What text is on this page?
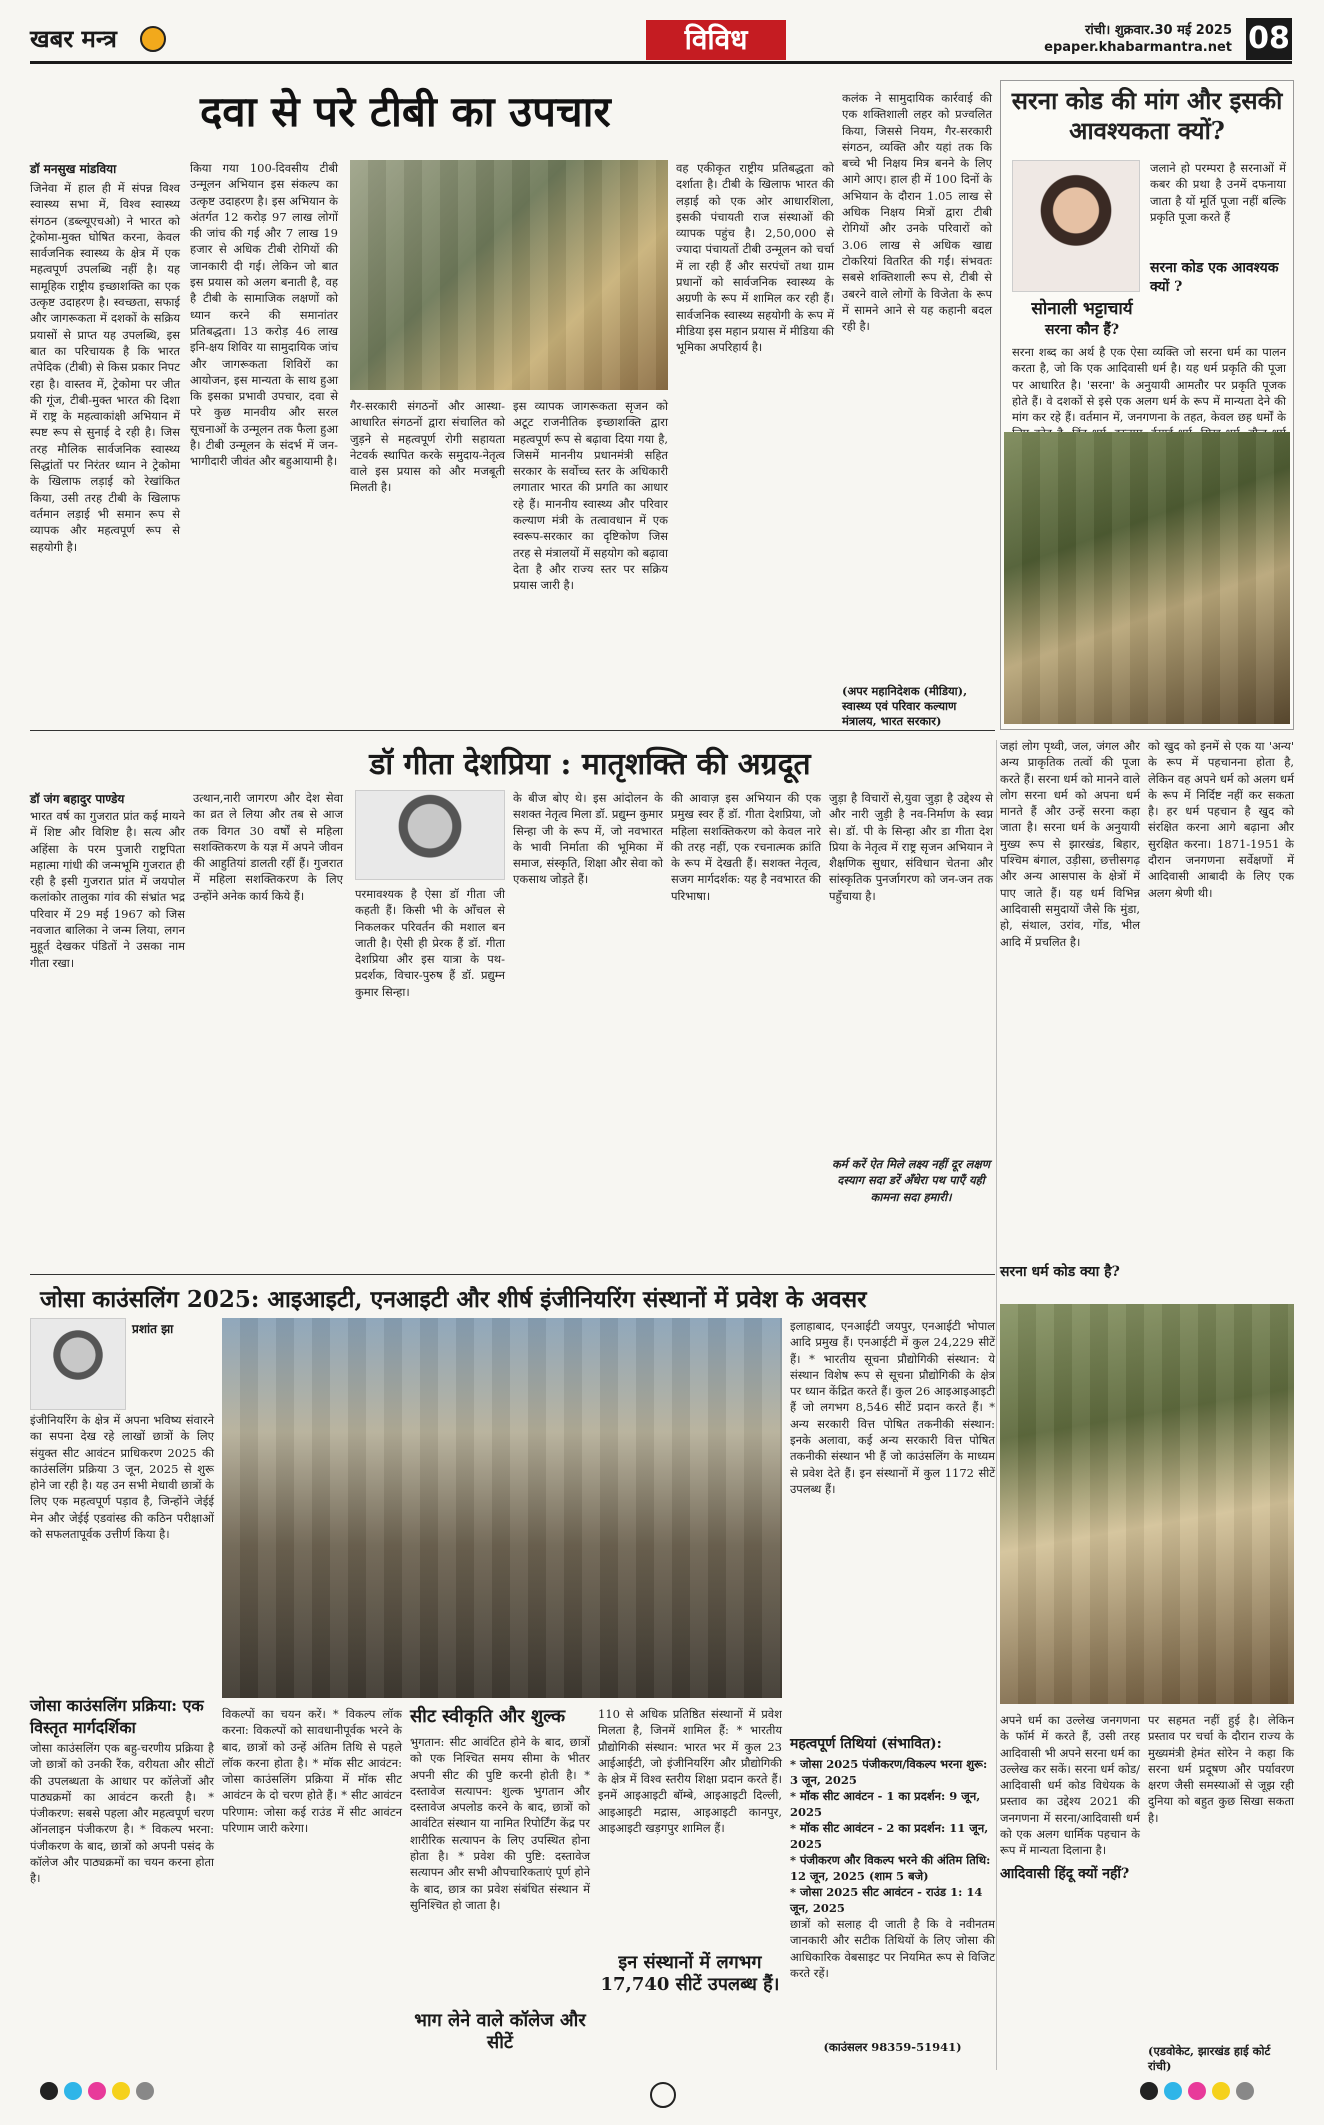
खबर मन्त्र	विविध	रांची। शुक्रवार.30 मई 2025
epaper.khabarmantra.net 08
दवा से परे टीबी का उपचार
डॉ मनसुख मांडविया
जिनेवा में हाल ही में संपन्न विश्व स्वास्थ्य सभा में, विश्व स्वास्थ्य संगठन (डब्ल्यूएचओ) ने भारत को ट्रेकोमा-मुक्त घोषित करना, केवल सार्वजनिक स्वास्थ्य के क्षेत्र में एक महत्वपूर्ण उपलब्धि नहीं है। यह सामूहिक राष्ट्रीय इच्छाशक्ति का एक उत्कृष्ट उदाहरण है। स्वच्छता, सफाई और जागरूकता में दशकों के सक्रिय प्रयासों से प्राप्त यह उपलब्धि, इस बात का परिचायक है कि भारत तपेदिक (टीबी) से किस प्रकार निपट रहा है। वास्तव में, ट्रेकोमा पर जीत की गूंज, टीबी-मुक्त भारत की दिशा में राष्ट्र के महत्वाकांक्षी अभियान में स्पष्ट रूप से सुनाई दे रही है। जिस तरह मौलिक सार्वजनिक स्वास्थ्य सिद्धांतों पर निरंतर ध्यान ने ट्रेकोमा के खिलाफ लड़ाई को रेखांकित किया, उसी तरह टीबी के खिलाफ वर्तमान लड़ाई भी समान रूप से व्यापक और महत्वपूर्ण रूप से सहयोगी है।
किया गया 100-दिवसीय टीबी उन्मूलन अभियान इस संकल्प का उत्कृष्ट उदाहरण है। इस अभियान के अंतर्गत 12 करोड़ 97 लाख लोगों की जांच की गई और 7 लाख 19 हजार से अधिक टीबी रोगियों की जानकारी दी गई। लेकिन जो बात इस प्रयास को अलग बनाती है, वह है टीबी के सामाजिक लक्षणों को ध्यान करने की समानांतर प्रतिबद्धता। 13 करोड़ 46 लाख इनि-क्षय शिविर या सामुदायिक जांच और जागरूकता शिविरों का आयोजन, इस मान्यता के साथ हुआ कि इसका प्रभावी उपचार, दवा से परे कुछ मानवीय और सरल सूचनाओं के उन्मूलन तक फैला हुआ है। टीबी उन्मूलन के संदर्भ में जन-भागीदारी जीवंत और बहुआयामी है।
गैर-सरकारी संगठनों और आस्था-आधारित संगठनों द्वारा संचालित को जुड़ने से महत्वपूर्ण रोगी सहायता नेटवर्क स्थापित करके समुदाय-नेतृत्व वाले इस प्रयास को और मजबूती मिलती है।
इस व्यापक जागरूकता सृजन को अटूट राजनीतिक इच्छाशक्ति द्वारा महत्वपूर्ण रूप से बढ़ावा दिया गया है, जिसमें माननीय प्रधानमंत्री सहित सरकार के सर्वोच्च स्तर के अधिकारी लगातार भारत की प्रगति का आधार रहे हैं। माननीय स्वास्थ्य और परिवार कल्याण मंत्री के तत्वावधान में एक स्वरूप-सरकार का दृष्टिकोण जिस तरह से मंत्रालयों में सहयोग को बढ़ावा देता है और राज्य स्तर पर सक्रिय प्रयास जारी है।
वह एकीकृत राष्ट्रीय प्रतिबद्धता को दर्शाता है। टीबी के खिलाफ भारत की लड़ाई को एक ओर आधारशिला, इसकी पंचायती राज संस्थाओं की व्यापक पहुंच है। 2,50,000 से ज्यादा पंचायतों टीबी उन्मूलन को चर्चा में ला रही हैं और सरपंचों तथा ग्राम प्रधानों को सार्वजनिक स्वास्थ्य के अग्रणी के रूप में शामिल कर रही हैं। सार्वजनिक स्वास्थ्य सहयोगी के रूप में मीडिया इस महान प्रयास में मीडिया की भूमिका अपरिहार्य है।
कलंक ने सामुदायिक कार्रवाई की एक शक्तिशाली लहर को प्रज्वलित किया, जिससे नियम, गैर-सरकारी संगठन, व्यक्ति और यहां तक कि बच्चे भी निक्षय मित्र बनने के लिए आगे आए। हाल ही में 100 दिनों के अभियान के दौरान 1.05 लाख से अधिक निक्षय मित्रों द्वारा टीबी रोगियों और उनके परिवारों को 3.06 लाख से अधिक खाद्य टोकरियां वितरित की गईं। संभवतः सबसे शक्तिशाली रूप से, टीबी से उबरने वाले लोगों के विजेता के रूप में सामने आने से यह कहानी बदल रही है।
(अपर महानिदेशक (मीडिया), स्वास्थ्य एवं परिवार कल्याण मंत्रालय, भारत सरकार)
सरना कोड की मांग और इसकी आवश्यकता क्यों?
सोनाली भट्टाचार्य
सरना कौन हैं?
जलाने हो परम्परा है सरनाओं में कबर की प्रथा है उनमें दफनाया जाता है यों मूर्ति पूजा नहीं बल्कि प्रकृति पूजा करते हैं
सरना कोड एक आवश्यक क्यों ?
सरना शब्द का अर्थ है एक ऐसा व्यक्ति जो सरना धर्म का पालन करता है, जो कि एक आदिवासी धर्म है। यह धर्म प्रकृति की पूजा पर आधारित है। 'सरना' के अनुयायी आमतौर पर प्रकृति पूजक होते हैं। वे दशकों से इसे एक अलग धर्म के रूप में मान्यता देने की मांग कर रहे हैं। वर्तमान में, जनगणना के तहत, केवल छह धर्मों के
जहां लोग पृथ्वी, जल, जंगल और अन्य प्राकृतिक तत्वों की पूजा करते हैं। सरना धर्म को मानने वाले लोग सरना धर्म को अपना धर्म मानते हैं और उन्हें सरना कहा जाता है। सरना धर्म के अनुयायी मुख्य रूप से झारखंड, बिहार, पश्चिम बंगाल, उड़ीसा, छत्तीसगढ़ और अन्य आसपास के क्षेत्रों में पाए जाते हैं। यह धर्म विभिन्न आदिवासी समुदायों जैसे कि मुंडा, हो, संथाल, उरांव, गोंड, भील आदि में प्रचलित है।
सरना धर्म कोड क्या है?
को खुद को इनमें से एक या 'अन्य' के रूप में पहचानना होता है, लेकिन वह अपने धर्म को अलग धर्म के रूप में निर्दिष्ट नहीं कर सकता है। हर धर्म पहचान है खुद को संरक्षित करना आगे बढ़ाना और सुरक्षित करना। 1871-1951 के दौरान जनगणना सर्वेक्षणों में आदिवासी आबादी के लिए एक अलग श्रेणी थी।
अपने धर्म का उल्लेख जनगणना के फॉर्म में करते हैं, उसी तरह आदिवासी भी अपने सरना धर्म का उल्लेख कर सकें। सरना धर्म कोड/आदिवासी धर्म कोड विधेयक के प्रस्ताव का उद्देश्य 2021 की जनगणना में सरना/आदिवासी धर्म को एक अलग धार्मिक पहचान के रूप में मान्यता दिलाना है।
आदिवासी हिंदू क्यों नहीं?
पर सहमत नहीं हुई है। लेकिन प्रस्ताव पर चर्चा के दौरान राज्य के मुख्यमंत्री हेमंत सोरेन ने कहा कि सरना धर्म प्रदूषण और पर्यावरण क्षरण जैसी समस्याओं से जूझ रही दुनिया को बहुत कुछ सिखा सकता है।
(एडवोकेट, झारखंड हाई कोर्ट रांची)
डॉ गीता देशप्रिया : मातृशक्ति की अग्रदूत
डॉ जंग बहादुर पाण्डेय
भारत वर्ष का गुजरात प्रांत कई मायने में शिष्ट और विशिष्ट है। सत्य और अहिंसा के परम पुजारी राष्ट्रपिता महात्मा गांधी की जन्मभूमि गुजरात ही रही है इसी गुजरात प्रांत में जयपोल कलांकोर तालुका गांव की संभ्रांत भद्र परिवार में 29 मई 1967 को जिस नवजात बालिका ने जन्म लिया, लगन मुहूर्त देखकर पंडितों ने उसका नाम गीता रखा।
उत्थान,नारी जागरण और देश सेवा का व्रत ले लिया और तब से आज तक विगत 30 वर्षों से महिला सशक्तिकरण के यज्ञ में अपने जीवन की आहुतियां डालती रहीं हैं। गुजरात में महिला सशक्तिकरण के लिए उन्होंने अनेक कार्य किये हैं।	परमावश्यक है ऐसा डॉ गीता जी कहती हैं। किसी भी के आँचल से निकलकर परिवर्तन की मशाल बन जाती है। ऐसी ही प्रेरक हैं डॉ. गीता देशप्रिया और इस यात्रा के पथ-प्रदर्शक, विचार-पुरुष हैं डॉ. प्रद्युम्न कुमार सिन्हा।
के बीज बोए थे। इस आंदोलन के सशक्त नेतृत्व मिला डॉ. प्रद्युम्न कुमार सिन्हा जी के रूप में, जो नवभारत के भावी निर्माता की भूमिका में समाज, संस्कृति, शिक्षा और सेवा को एकसाथ जोड़ते हैं।
की आवाज़ इस अभियान की एक प्रमुख स्वर हैं डॉ. गीता देशप्रिया, जो महिला सशक्तिकरण को केवल नारे की तरह नहीं, एक रचनात्मक क्रांति के रूप में देखती हैं। सशक्त नेतृत्व, सजग मार्गदर्शक: यह है नवभारत की परिभाषा।
जुड़ा है विचारों से,युवा जुड़ा है उद्देश्य से और नारी जुड़ी है नव-निर्माण के स्वप्न से। डॉ. पी के सिन्हा और डा गीता देश प्रिया के नेतृत्व में राष्ट्र सृजन अभियान ने शैक्षणिक सुधार, संविधान चेतना और सांस्कृतिक पुनर्जागरण को जन-जन तक पहुँचाया है।
कर्म करें ऐत मिले लक्ष्य नहीं दूर लक्षण दस्याग सदा डरें अँधेरा पथ पाएँ यही कामना सदा हमारी।
जोसा काउंसलिंग 2025: आइआइटी, एनआइटी और शीर्ष इंजीनियरिंग संस्थानों में प्रवेश के अवसर
प्रशांत झा
इंजीनियरिंग के क्षेत्र में अपना भविष्य संवारने का सपना देख रहे लाखों छात्रों के लिए संयुक्त सीट आवंटन प्राधिकरण 2025 की काउंसलिंग प्रक्रिया 3 जून, 2025 से शुरू होने जा रही है। यह उन सभी मेधावी छात्रों के लिए एक महत्वपूर्ण पड़ाव है, जिन्होंने जेईई मेन और जेईई एडवांस्ड की कठिन परीक्षाओं को सफलतापूर्वक उत्तीर्ण किया है।
जोसा काउंसलिंग प्रक्रिया: एक विस्तृत मार्गदर्शिका
इलाहाबाद, एनआईटी जयपुर, एनआईटी भोपाल आदि प्रमुख हैं। एनआईटी में कुल 24,229 सीटें हैं। * भारतीय सूचना प्रौद्योगिकी संस्थान: ये संस्थान विशेष रूप से सूचना प्रौद्योगिकी के क्षेत्र पर ध्यान केंद्रित करते हैं। कुल 26 आइआइआइटी हैं जो लगभग 8,546 सीटें प्रदान करते हैं। * अन्य सरकारी वित्त पोषित तकनीकी संस्थान: इनके अलावा, कई अन्य सरकारी वित्त पोषित तकनीकी संस्थान भी हैं जो काउंसलिंग के माध्यम से प्रवेश देते हैं। इन संस्थानों में कुल 1172 सीटें उपलब्ध हैं।
जोसा काउंसलिंग एक बहु-चरणीय प्रक्रिया है जो छात्रों को उनकी रैंक, वरीयता और सीटों की उपलब्धता के आधार पर कॉलेजों और पाठ्यक्रमों का आवंटन करती है। * पंजीकरण: सबसे पहला और महत्वपूर्ण चरण ऑनलाइन पंजीकरण है। * विकल्प भरना: पंजीकरण के बाद, छात्रों को अपनी पसंद के कॉलेज और पाठ्यक्रमों का चयन करना होता है।
विकल्पों का चयन करें। * विकल्प लॉक करना: विकल्पों को सावधानीपूर्वक भरने के बाद, छात्रों को उन्हें अंतिम तिथि से पहले लॉक करना होता है। * मॉक सीट आवंटन: जोसा काउंसलिंग प्रक्रिया में मॉक सीट आवंटन के दो चरण होते हैं। * सीट आवंटन परिणाम: जोसा कई राउंड में सीट आवंटन परिणाम जारी करेगा।
सीट स्वीकृति और शुल्क
भुगतान: सीट आवंटित होने के बाद, छात्रों को एक निश्चित समय सीमा के भीतर अपनी सीट की पुष्टि करनी होती है। * दस्तावेज सत्यापन: शुल्क भुगतान और दस्तावेज अपलोड करने के बाद, छात्रों को आवंटित संस्थान या नामित रिपोर्टिंग केंद्र पर शारीरिक सत्यापन के लिए उपस्थित होना होता है। * प्रवेश की पुष्टि: दस्तावेज सत्यापन और सभी औपचारिकताएं पूर्ण होने के बाद, छात्र का प्रवेश संबंधित संस्थान में सुनिश्चित हो जाता है।
भाग लेने वाले कॉलेज और सीटें
110 से अधिक प्रतिष्ठित संस्थानों में प्रवेश मिलता है, जिनमें शामिल हैं: * भारतीय प्रौद्योगिकी संस्थान: भारत भर में कुल 23 आईआईटी, जो इंजीनियरिंग और प्रौद्योगिकी के क्षेत्र में विश्व स्तरीय शिक्षा प्रदान करते हैं। इनमें आइआइटी बॉम्बे, आइआइटी दिल्ली, आइआइटी मद्रास, आइआइटी कानपुर, आइआइटी खड़गपुर शामिल हैं।
इन संस्थानों में लगभग 17,740 सीटें उपलब्ध हैं।
महत्वपूर्ण तिथियां (संभावित):
* जोसा 2025 पंजीकरण/विकल्प भरना शुरू: 3 जून, 2025
* मॉक सीट आवंटन - 1 का प्रदर्शन: 9 जून, 2025
* मॉक सीट आवंटन - 2 का प्रदर्शन: 11 जून, 2025
* पंजीकरण और विकल्प भरने की अंतिम तिथि: 12 जून, 2025 (शाम 5 बजे)
* जोसा 2025 सीट आवंटन - राउंड 1: 14 जून, 2025
छात्रों को सलाह दी जाती है कि वे नवीनतम जानकारी और सटीक तिथियों के लिए जोसा की आधिकारिक वेबसाइट पर नियमित रूप से विजिट करते रहें।
(काउंसलर 98359-51941)
